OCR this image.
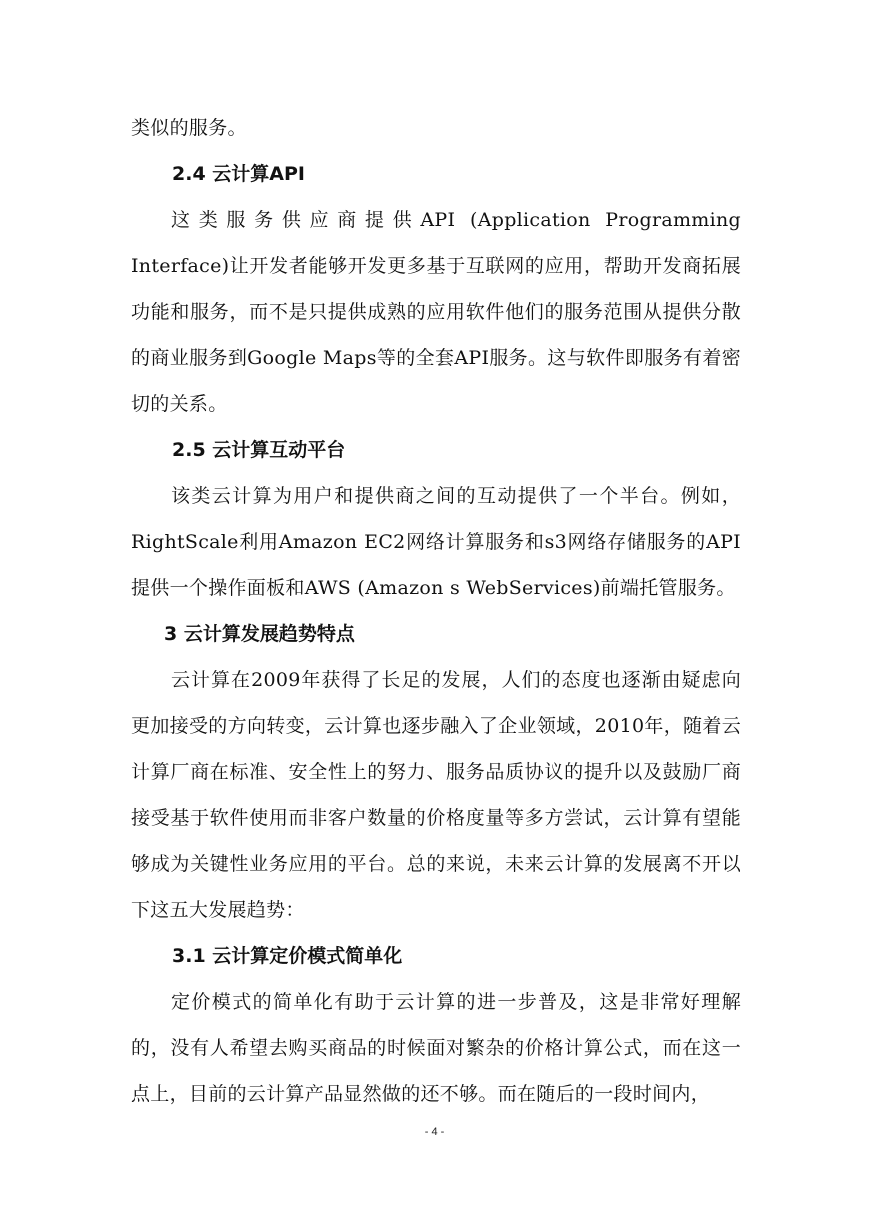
类似的服务。

2.4 云计算API

这类服务供应商提供API (Application Programming Interface)让开发者能够开发更多基于互联网的应用，帮助开发商拓展功能和服务，而不是只提供成熟的应用软件他们的服务范围从提供分散的商业服务到Google Maps等的全套API服务。这与软件即服务有着密切的关系。

2.5 云计算互动平台

该类云计算为用户和提供商之间的互动提供了一个半台。例如，RightScale利用Amazon EC2网络计算服务和s3网络存储服务的API提供一个操作面板和AWS (Amazon s WebServices)前端托管服务。

3 云计算发展趋势特点

云计算在2009年获得了长足的发展，人们的态度也逐渐由疑虑向更加接受的方向转变，云计算也逐步融入了企业领域，2010年，随着云计算厂商在标准、安全性上的努力、服务品质协议的提升以及鼓励厂商接受基于软件使用而非客户数量的价格度量等多方尝试，云计算有望能够成为关键性业务应用的平台。总的来说，未来云计算的发展离不开以下这五大发展趋势：

3.1 云计算定价模式简单化

定价模式的简单化有助于云计算的进一步普及，这是非常好理解的，没有人希望去购买商品的时候面对繁杂的价格计算公式，而在这一点上，目前的云计算产品显然做的还不够。而在随后的一段时间内，

- 4 -
